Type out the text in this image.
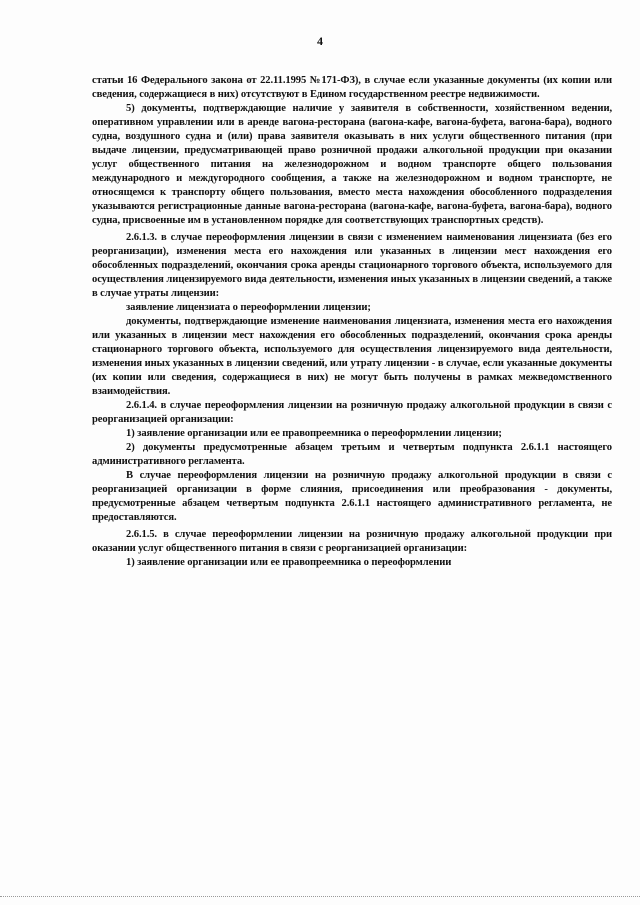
4

статьи 16 Федерального закона от 22.11.1995 №171-ФЗ), в случае если указанные документы (их копии или сведения, содержащиеся в них) отсутствуют в Едином государственном реестре недвижимости.

5) документы, подтверждающие наличие у заявителя в собственности, хозяйственном ведении, оперативном управлении или в аренде вагона-ресторана (вагона-кафе, вагона-буфета, вагона-бара), водного судна, воздушного судна и (или) права заявителя оказывать в них услуги общественного питания (при выдаче лицензии, предусматривающей право розничной продажи алкогольной продукции при оказании услуг общественного питания на железнодорожном и водном транспорте общего пользования международного и междугородного сообщения, а также на железнодорожном и водном транспорте, не относящемся к транспорту общего пользования, вместо места нахождения обособленного подразделения указываются регистрационные данные вагона-ресторана (вагона-кафе, вагона-буфета, вагона-бара), водного судна, присвоенные им в установленном порядке для соответствующих транспортных средств).

2.6.1.3. в случае переоформления лицензии в связи с изменением наименования лицензиата (без его реорганизации), изменения места его нахождения или указанных в лицензии мест нахождения его обособленных подразделений, окончания срока аренды стационарного торгового объекта, используемого для осуществления лицензируемого вида деятельности, изменения иных указанных в лицензии сведений, а также в случае утраты лицензии:

заявление лицензиата о переоформлении лицензии;

документы, подтверждающие изменение наименования лицензиата, изменения места его нахождения или указанных в лицензии мест нахождения его обособленных подразделений, окончания срока аренды стационарного торгового объекта, используемого для осуществления лицензируемого вида деятельности, изменения иных указанных в лицензии сведений, или утрату лицензии - в случае, если указанные документы (их копии или сведения, содержащиеся в них) не могут быть получены в рамках межведомственного взаимодействия.

2.6.1.4. в случае переоформления лицензии на розничную продажу алкогольной продукции в связи с реорганизацией организации:

1) заявление организации или ее правопреемника о переоформлении лицензии;

2) документы предусмотренные абзацем третьим и четвертым подпункта 2.6.1.1 настоящего административного регламента.

В случае переоформления лицензии на розничную продажу алкогольной продукции в связи с реорганизацией организации в форме слияния, присоединения или преобразования - документы, предусмотренные абзацем четвертым подпункта 2.6.1.1 настоящего административного регламента, не предоставляются.

2.6.1.5. в случае переоформлении лицензии на розничную продажу алкогольной продукции при оказании услуг общественного питания в связи с реорганизацией организации:

1) заявление организации или ее правопреемника о переоформлении
